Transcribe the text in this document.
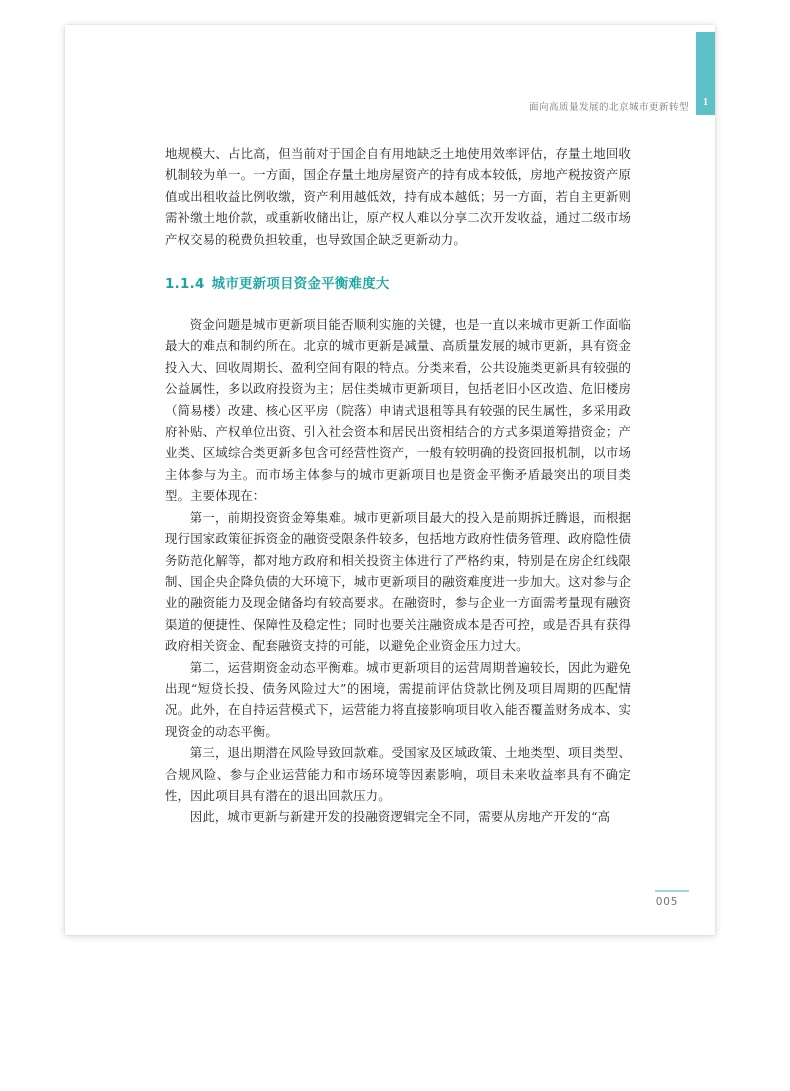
1
面向高质量发展的北京城市更新转型

地规模大、占比高，但当前对于国企自有用地缺乏土地使用效率评估，存量土地回收机制较为单一。一方面，国企存量土地房屋资产的持有成本较低，房地产税按资产原值或出租收益比例收缴，资产利用越低效，持有成本越低；另一方面，若自主更新则需补缴土地价款，或重新收储出让，原产权人难以分享二次开发收益，通过二级市场产权交易的税费负担较重，也导致国企缺乏更新动力。

1.1.4 城市更新项目资金平衡难度大

资金问题是城市更新项目能否顺利实施的关键，也是一直以来城市更新工作面临最大的难点和制约所在。北京的城市更新是减量、高质量发展的城市更新，具有资金投入大、回收周期长、盈利空间有限的特点。分类来看，公共设施类更新具有较强的公益属性，多以政府投资为主；居住类城市更新项目，包括老旧小区改造、危旧楼房（简易楼）改建、核心区平房（院落）申请式退租等具有较强的民生属性，多采用政府补贴、产权单位出资、引入社会资本和居民出资相结合的方式多渠道筹措资金；产业类、区域综合类更新多包含可经营性资产，一般有较明确的投资回报机制，以市场主体参与为主。而市场主体参与的城市更新项目也是资金平衡矛盾最突出的项目类型。主要体现在：

第一，前期投资资金筹集难。城市更新项目最大的投入是前期拆迁腾退，而根据现行国家政策征拆资金的融资受限条件较多，包括地方政府性债务管理、政府隐性债务防范化解等，都对地方政府和相关投资主体进行了严格约束，特别是在房企红线限制、国企央企降负债的大环境下，城市更新项目的融资难度进一步加大。这对参与企业的融资能力及现金储备均有较高要求。在融资时，参与企业一方面需考量现有融资渠道的便捷性、保障性及稳定性；同时也要关注融资成本是否可控，或是否具有获得政府相关资金、配套融资支持的可能，以避免企业资金压力过大。

第二，运营期资金动态平衡难。城市更新项目的运营周期普遍较长，因此为避免出现“短贷长投、债务风险过大”的困境，需提前评估贷款比例及项目周期的匹配情况。此外，在自持运营模式下，运营能力将直接影响项目收入能否覆盖财务成本、实现资金的动态平衡。

第三，退出期潜在风险导致回款难。受国家及区域政策、土地类型、项目类型、合规风险、参与企业运营能力和市场环境等因素影响，项目未来收益率具有不确定性，因此项目具有潜在的退出回款压力。

因此，城市更新与新建开发的投融资逻辑完全不同，需要从房地产开发的“高

005
